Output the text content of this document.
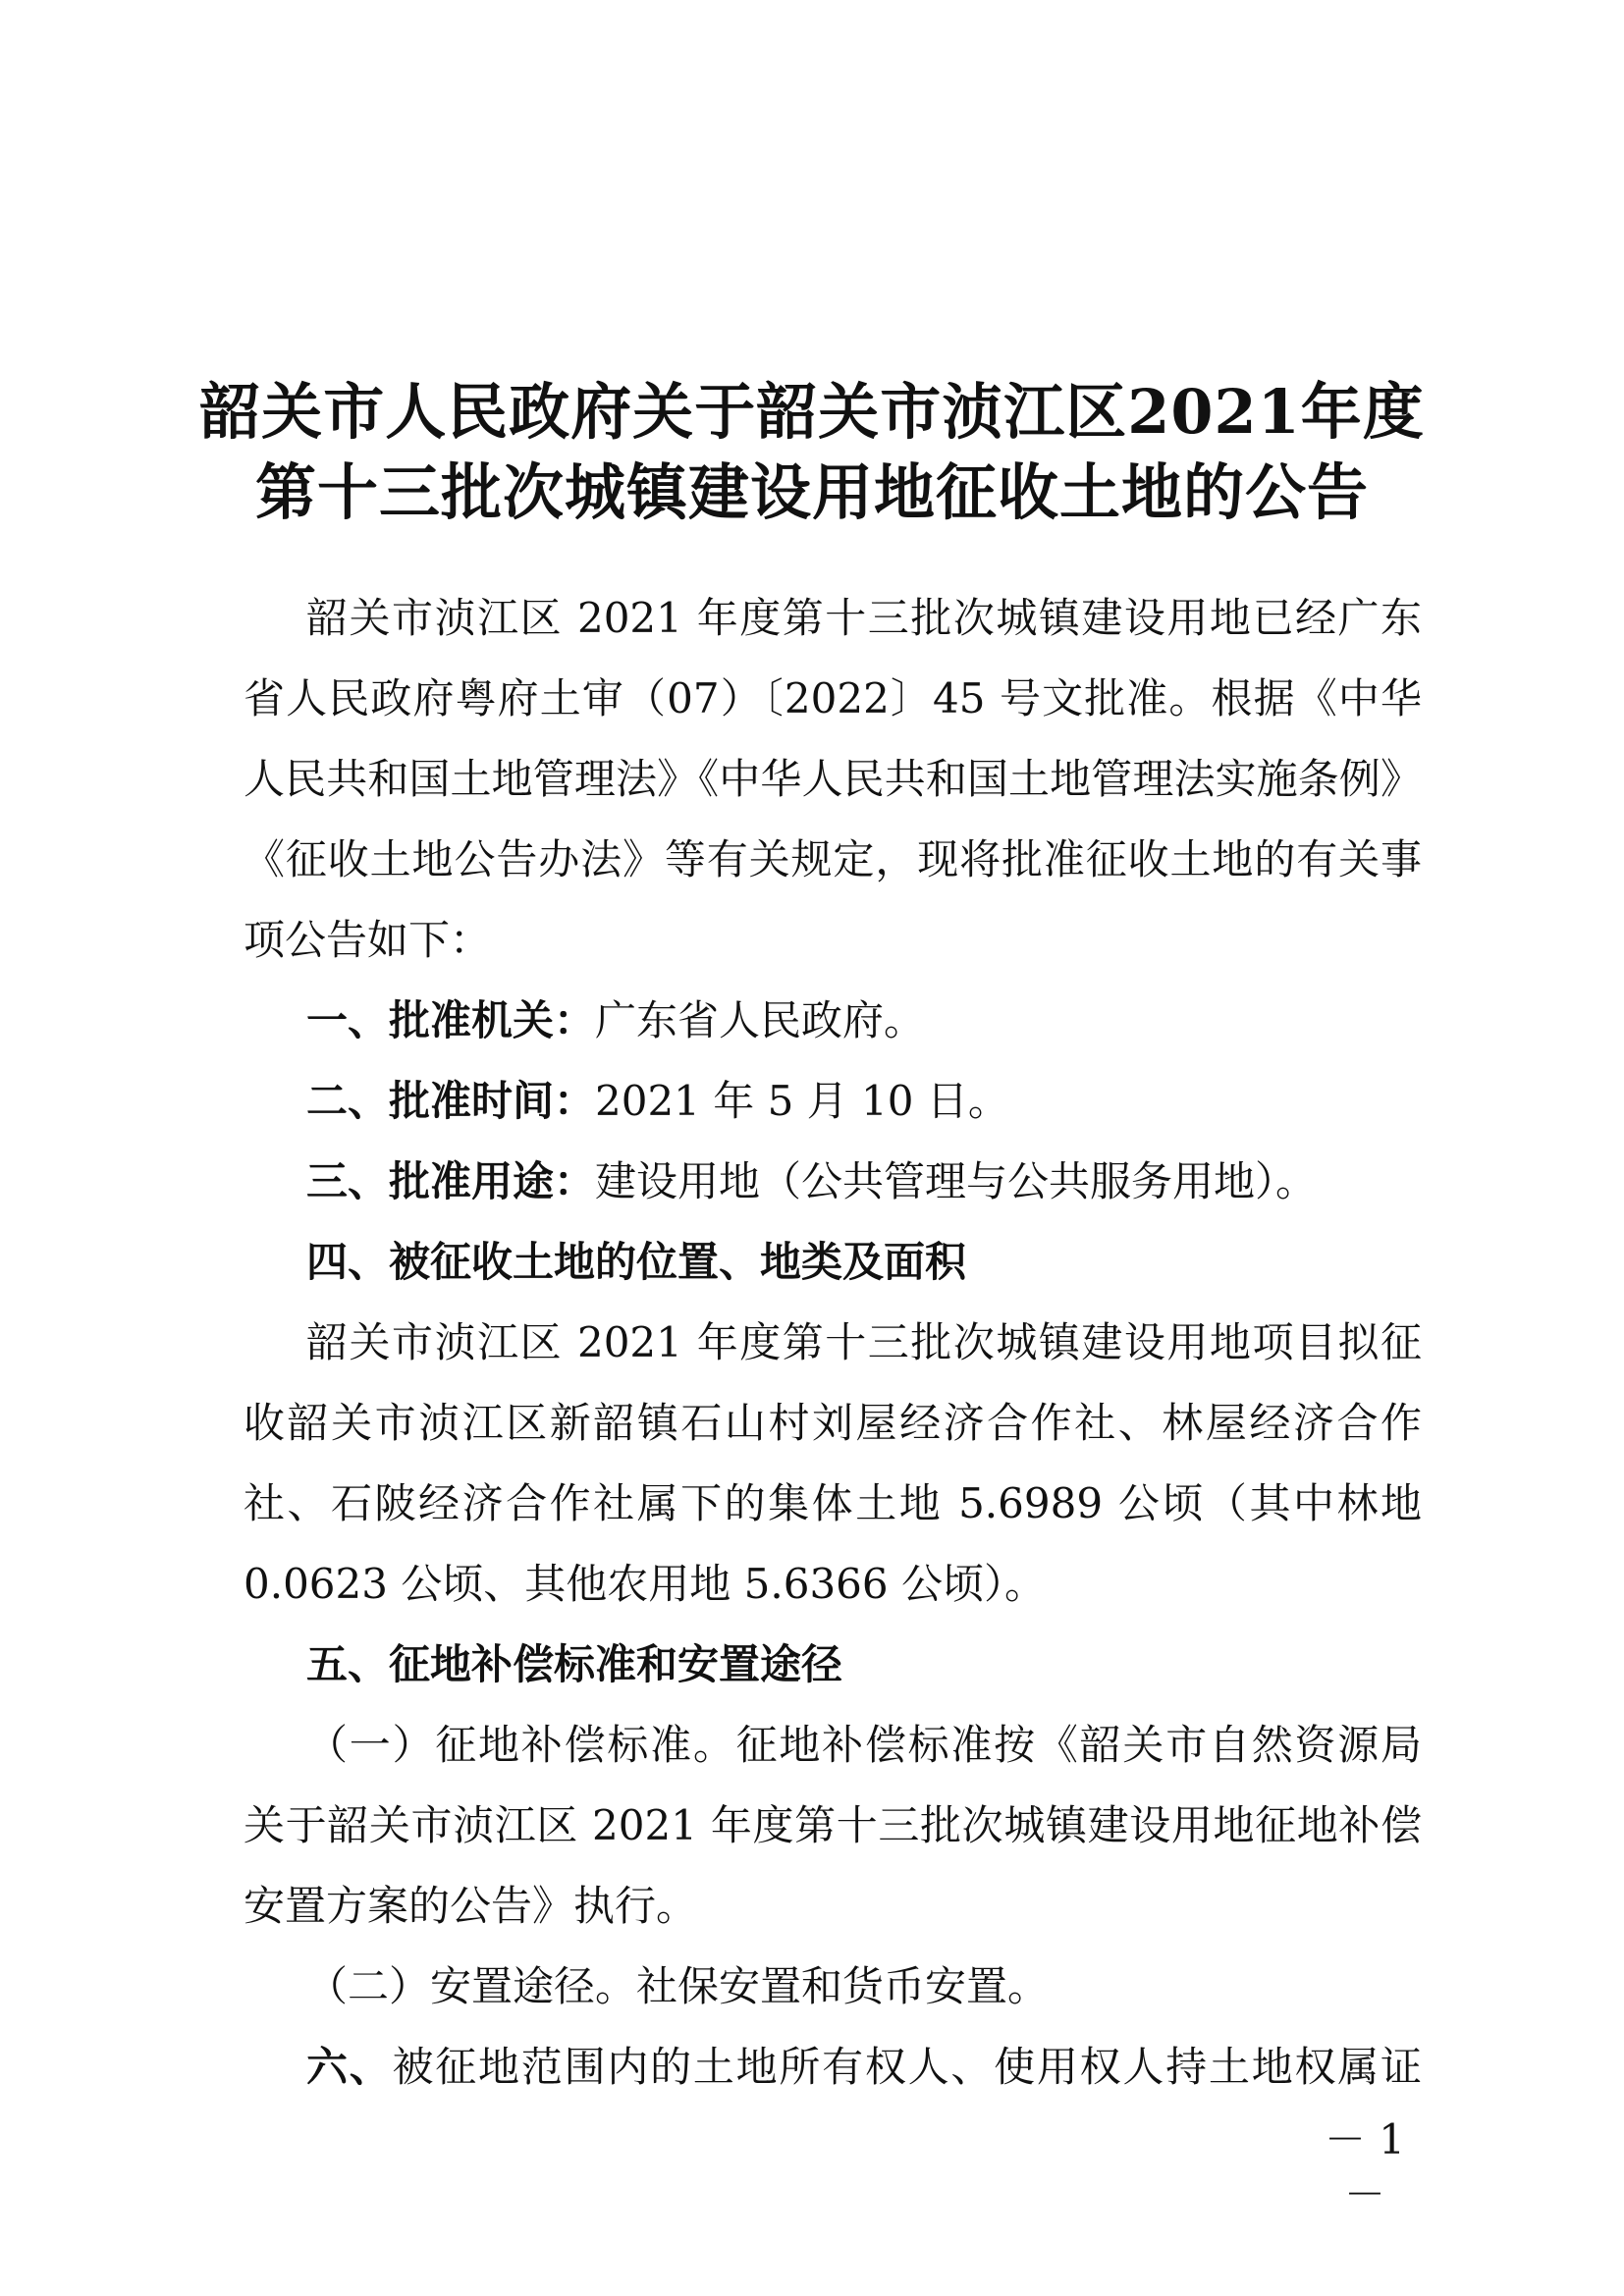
韶关市人民政府关于韶关市浈江区2021年度
第十三批次城镇建设用地征收土地的公告
韶关市浈江区 2021 年度第十三批次城镇建设用地已经广东
省人民政府粤府土审（07）〔2022〕45 号文批准。根据《中华
人民共和国土地管理法》《中华人民共和国土地管理法实施条例》
《征收土地公告办法》等有关规定，现将批准征收土地的有关事
项公告如下：
一、批准机关：广东省人民政府。
二、批准时间：2021 年 5 月 10 日。
三、批准用途：建设用地（公共管理与公共服务用地）。
四、被征收土地的位置、地类及面积
韶关市浈江区 2021 年度第十三批次城镇建设用地项目拟征
收韶关市浈江区新韶镇石山村刘屋经济合作社、林屋经济合作
社、石陂经济合作社属下的集体土地 5.6989 公顷（其中林地
0.0623 公顷、其他农用地 5.6366 公顷）。
五、征地补偿标准和安置途径
（一）征地补偿标准。征地补偿标准按《韶关市自然资源局
关于韶关市浈江区 2021 年度第十三批次城镇建设用地征地补偿
安置方案的公告》执行。
（二）安置途径。社保安置和货币安置。
六、被征地范围内的土地所有权人、使用权人持土地权属证
－ 1 －
